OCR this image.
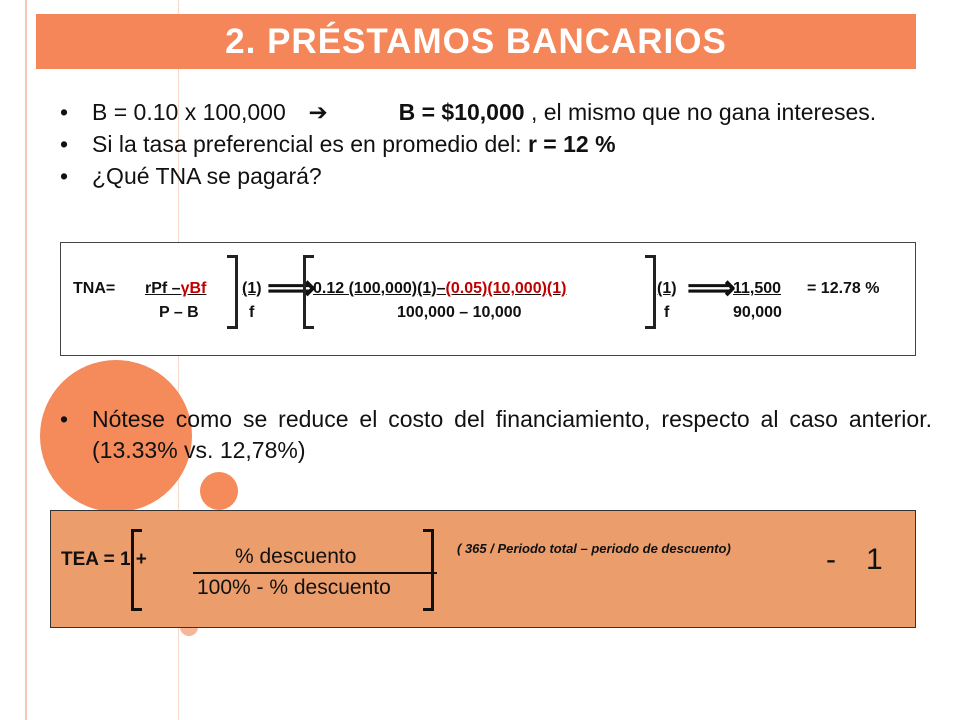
2. PRÉSTAMOS BANCARIOS
• B = 0.10 x 100,000 ➔	B = $10,000 , el mismo que no gana intereses.
• Si la tasa preferencial es en promedio del: r = 12 %
• ¿Qué TNA se pagará?
TNA= rPf –γBf
P – B
(1)
f
⟹
0.12 (100,000)(1)–(0.05)(10,000)(1)
100,000 – 10,000
(1)
f
⟹
11,500
90,000
= 12.78 %
• Nótese como se reduce el costo del financiamiento, respecto al caso anterior. (13.33% vs. 12,78%)
TEA = 1 +	% descuento
100% - % descuento
( 365 / Periodo total – periodo de descuento)	- 1
